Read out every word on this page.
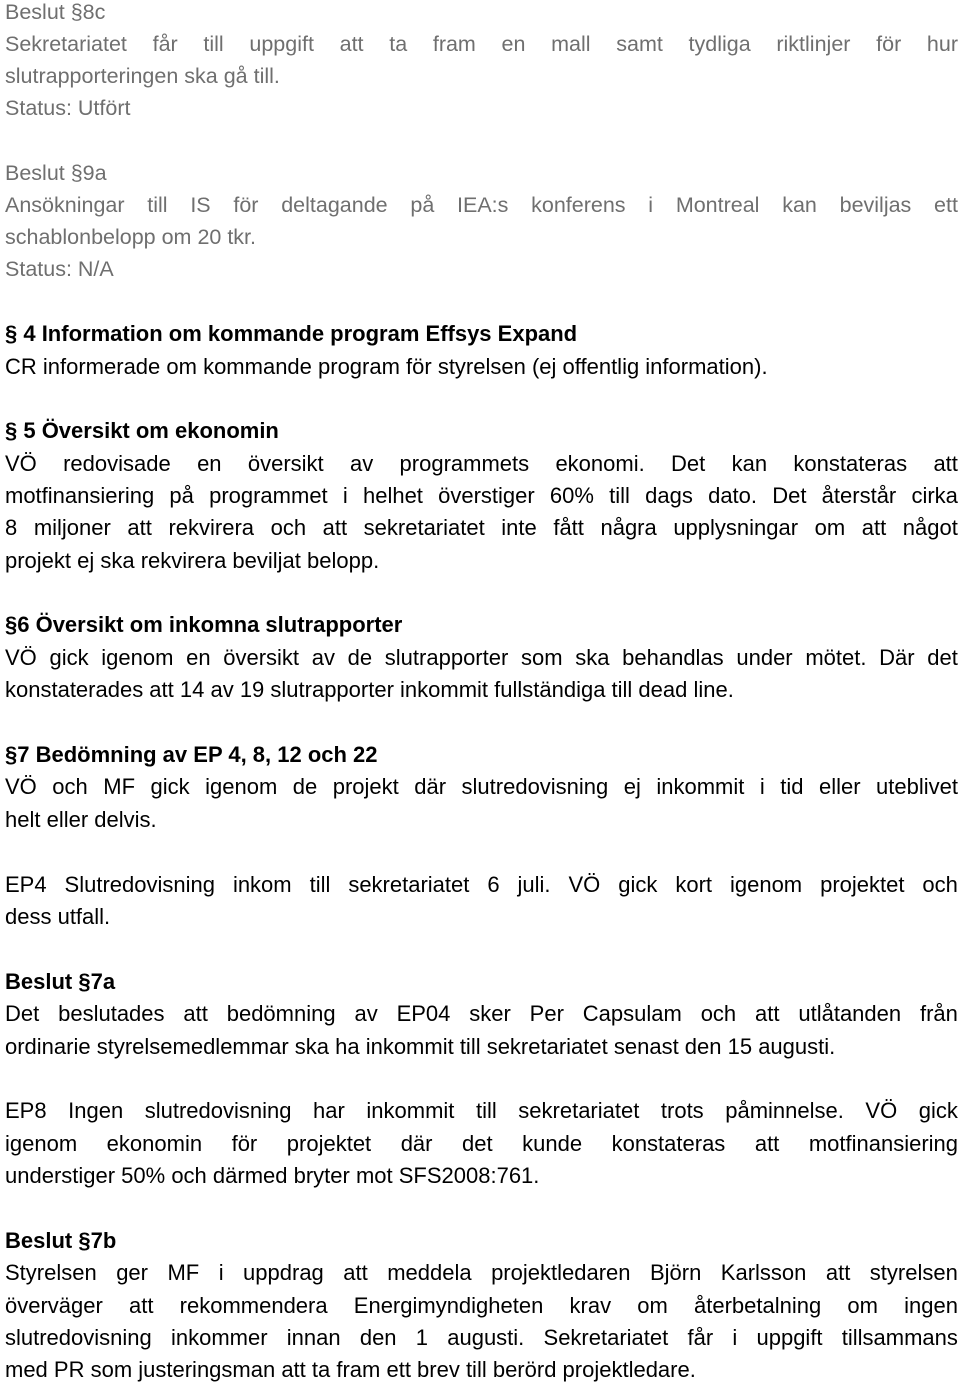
Beslut §8c
Sekretariatet får till uppgift att ta fram en mall samt tydliga riktlinjer för hur
slutrapporteringen ska gå till.
Status: Utfört
Beslut §9a
Ansökningar till IS för deltagande på IEA:s konferens i Montreal kan beviljas ett
schablonbelopp om 20 tkr.
Status: N/A
§ 4 Information om kommande program Effsys Expand
CR informerade om kommande program för styrelsen (ej offentlig information).
§ 5 Översikt om ekonomin
VÖ redovisade en översikt av programmets ekonomi. Det kan konstateras att
motfinansiering på programmet i helhet överstiger 60% till dags dato. Det återstår cirka
8 miljoner att rekvirera och att sekretariatet inte fått några upplysningar om att något
projekt ej ska rekvirera beviljat belopp.
§6 Översikt om inkomna slutrapporter
VÖ gick igenom en översikt av de slutrapporter som ska behandlas under mötet. Där det
konstaterades att 14 av 19 slutrapporter inkommit fullständiga till dead line.
§7 Bedömning av EP 4, 8, 12 och 22
VÖ och MF gick igenom de projekt där slutredovisning ej inkommit i tid eller uteblivet
helt eller delvis.
EP4 Slutredovisning inkom till sekretariatet 6 juli. VÖ gick kort igenom projektet och
dess utfall.
Beslut §7a
Det beslutades att bedömning av EP04 sker Per Capsulam och att utlåtanden från
ordinarie styrelsemedlemmar ska ha inkommit till sekretariatet senast den 15 augusti.
EP8 Ingen slutredovisning har inkommit till sekretariatet trots påminnelse. VÖ gick
igenom ekonomin för projektet där det kunde konstateras att motfinansiering
understiger 50% och därmed bryter mot SFS2008:761.
Beslut §7b
Styrelsen ger MF i uppdrag att meddela projektledaren Björn Karlsson att styrelsen
överväger att rekommendera Energimyndigheten krav om återbetalning om ingen
slutredovisning inkommer innan den 1 augusti. Sekretariatet får i uppgift tillsammans
med PR som justeringsman att ta fram ett brev till berörd projektledare.
